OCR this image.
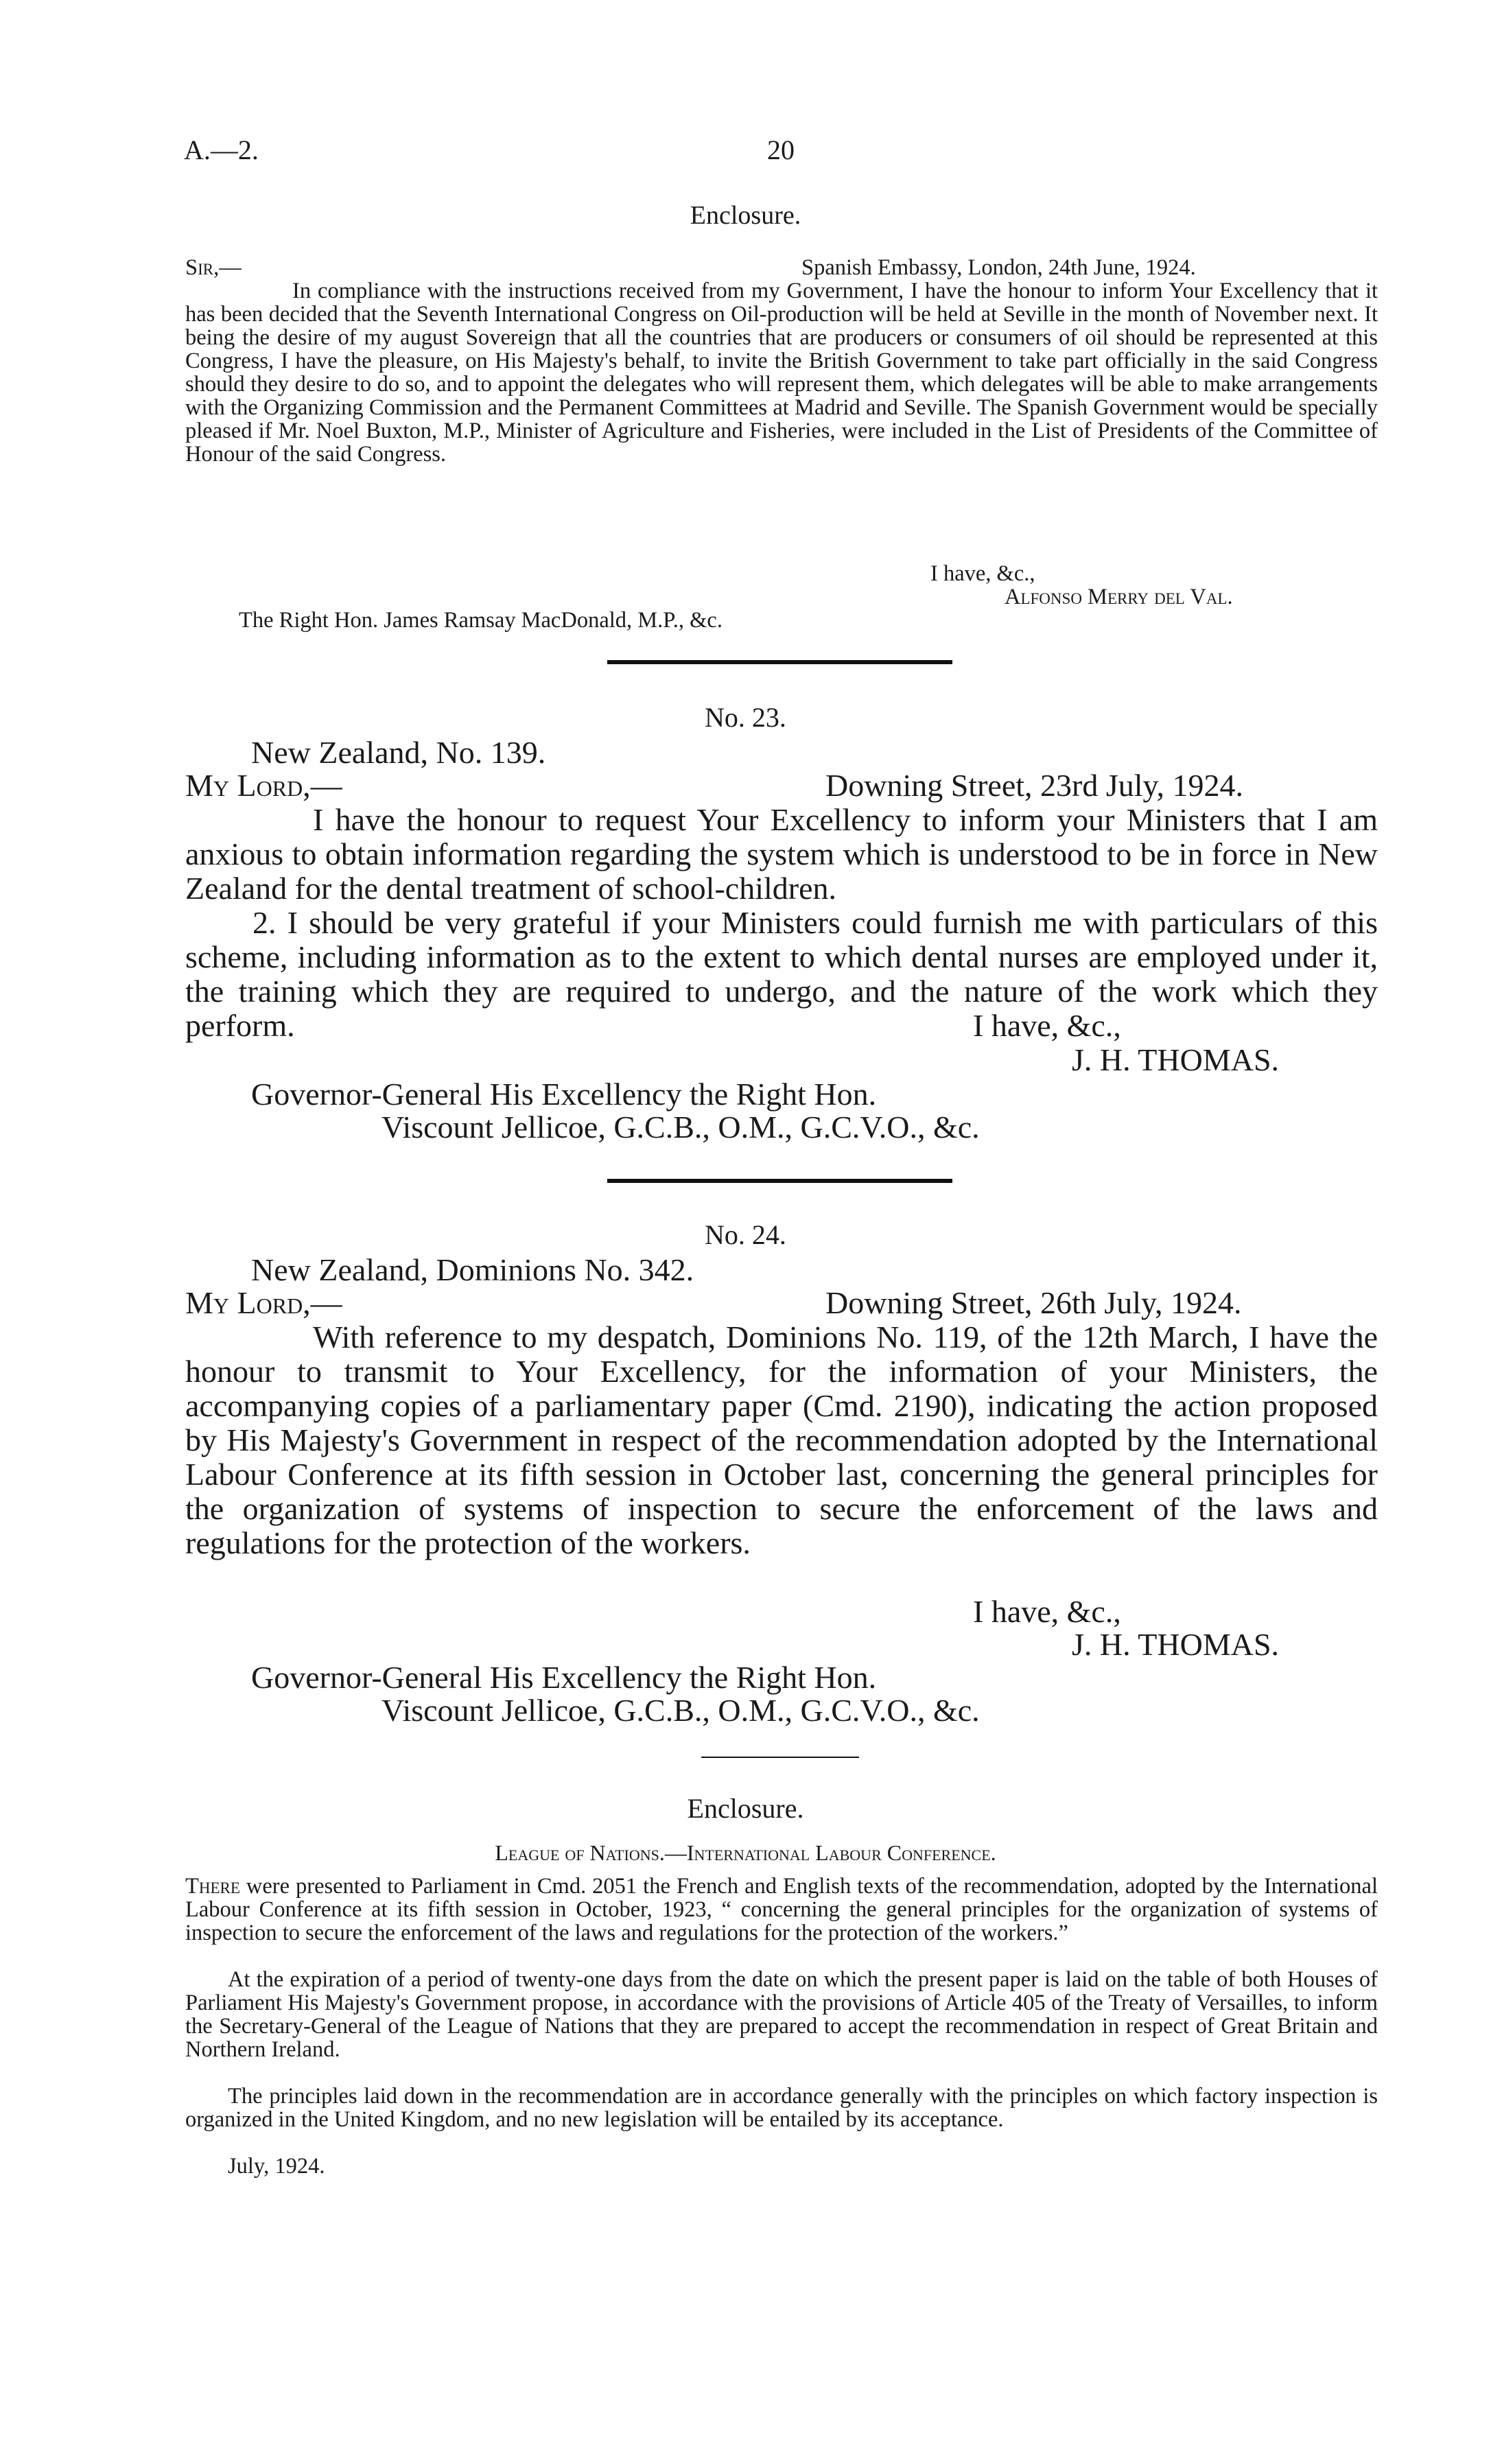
A.—2.	20

Enclosure.

Sir,—	Spanish Embassy, London, 24th June, 1924.

In compliance with the instructions received from my Government, I have the honour to inform Your Excellency that it has been decided that the Seventh International Congress on Oil-production will be held at Seville in the month of November next. It being the desire of my august Sovereign that all the countries that are producers or consumers of oil should be represented at this Congress, I have the pleasure, on His Majesty's behalf, to invite the British Government to take part officially in the said Congress should they desire to do so, and to appoint the delegates who will represent them, which delegates will be able to make arrangements with the Organizing Commission and the Permanent Committees at Madrid and Seville. The Spanish Government would be specially pleased if Mr. Noel Buxton, M.P., Minister of Agriculture and Fisheries, were included in the List of Presidents of the Committee of Honour of the said Congress.

I have, &c.,

Alfonso Merry del Val.

The Right Hon. James Ramsay MacDonald, M.P., &c.

No. 23.

New Zealand, No. 139.

My Lord,—	Downing Street, 23rd July, 1924.

I have the honour to request Your Excellency to inform your Ministers that I am anxious to obtain information regarding the system which is understood to be in force in New Zealand for the dental treatment of school-children.

2. I should be very grateful if your Ministers could furnish me with particulars of this scheme, including information as to the extent to which dental nurses are employed under it, the training which they are required to undergo, and the nature of the work which they perform.	I have, &c.,

J. H. THOMAS.

Governor-General His Excellency the Right Hon.

Viscount Jellicoe, G.C.B., O.M., G.C.V.O., &c.

No. 24.

New Zealand, Dominions No. 342.

My Lord,—	Downing Street, 26th July, 1924.

With reference to my despatch, Dominions No. 119, of the 12th March, I have the honour to transmit to Your Excellency, for the information of your Ministers, the accompanying copies of a parliamentary paper (Cmd. 2190), indicating the action proposed by His Majesty's Government in respect of the recommendation adopted by the International Labour Conference at its fifth session in October last, concerning the general principles for the organization of systems of inspection to secure the enforcement of the laws and regulations for the protection of the workers.

I have, &c.,

J. H. THOMAS.

Governor-General His Excellency the Right Hon.

Viscount Jellicoe, G.C.B., O.M., G.C.V.O., &c.

Enclosure.

League of Nations.—International Labour Conference.

There were presented to Parliament in Cmd. 2051 the French and English texts of the recommendation, adopted by the International Labour Conference at its fifth session in October, 1923, “ concerning the general principles for the organization of systems of inspection to secure the enforcement of the laws and regulations for the protection of the workers.”

At the expiration of a period of twenty-one days from the date on which the present paper is laid on the table of both Houses of Parliament His Majesty's Government propose, in accordance with the provisions of Article 405 of the Treaty of Versailles, to inform the Secretary-General of the League of Nations that they are prepared to accept the recommendation in respect of Great Britain and Northern Ireland.

The principles laid down in the recommendation are in accordance generally with the principles on which factory inspection is organized in the United Kingdom, and no new legislation will be entailed by its acceptance.

July, 1924.
